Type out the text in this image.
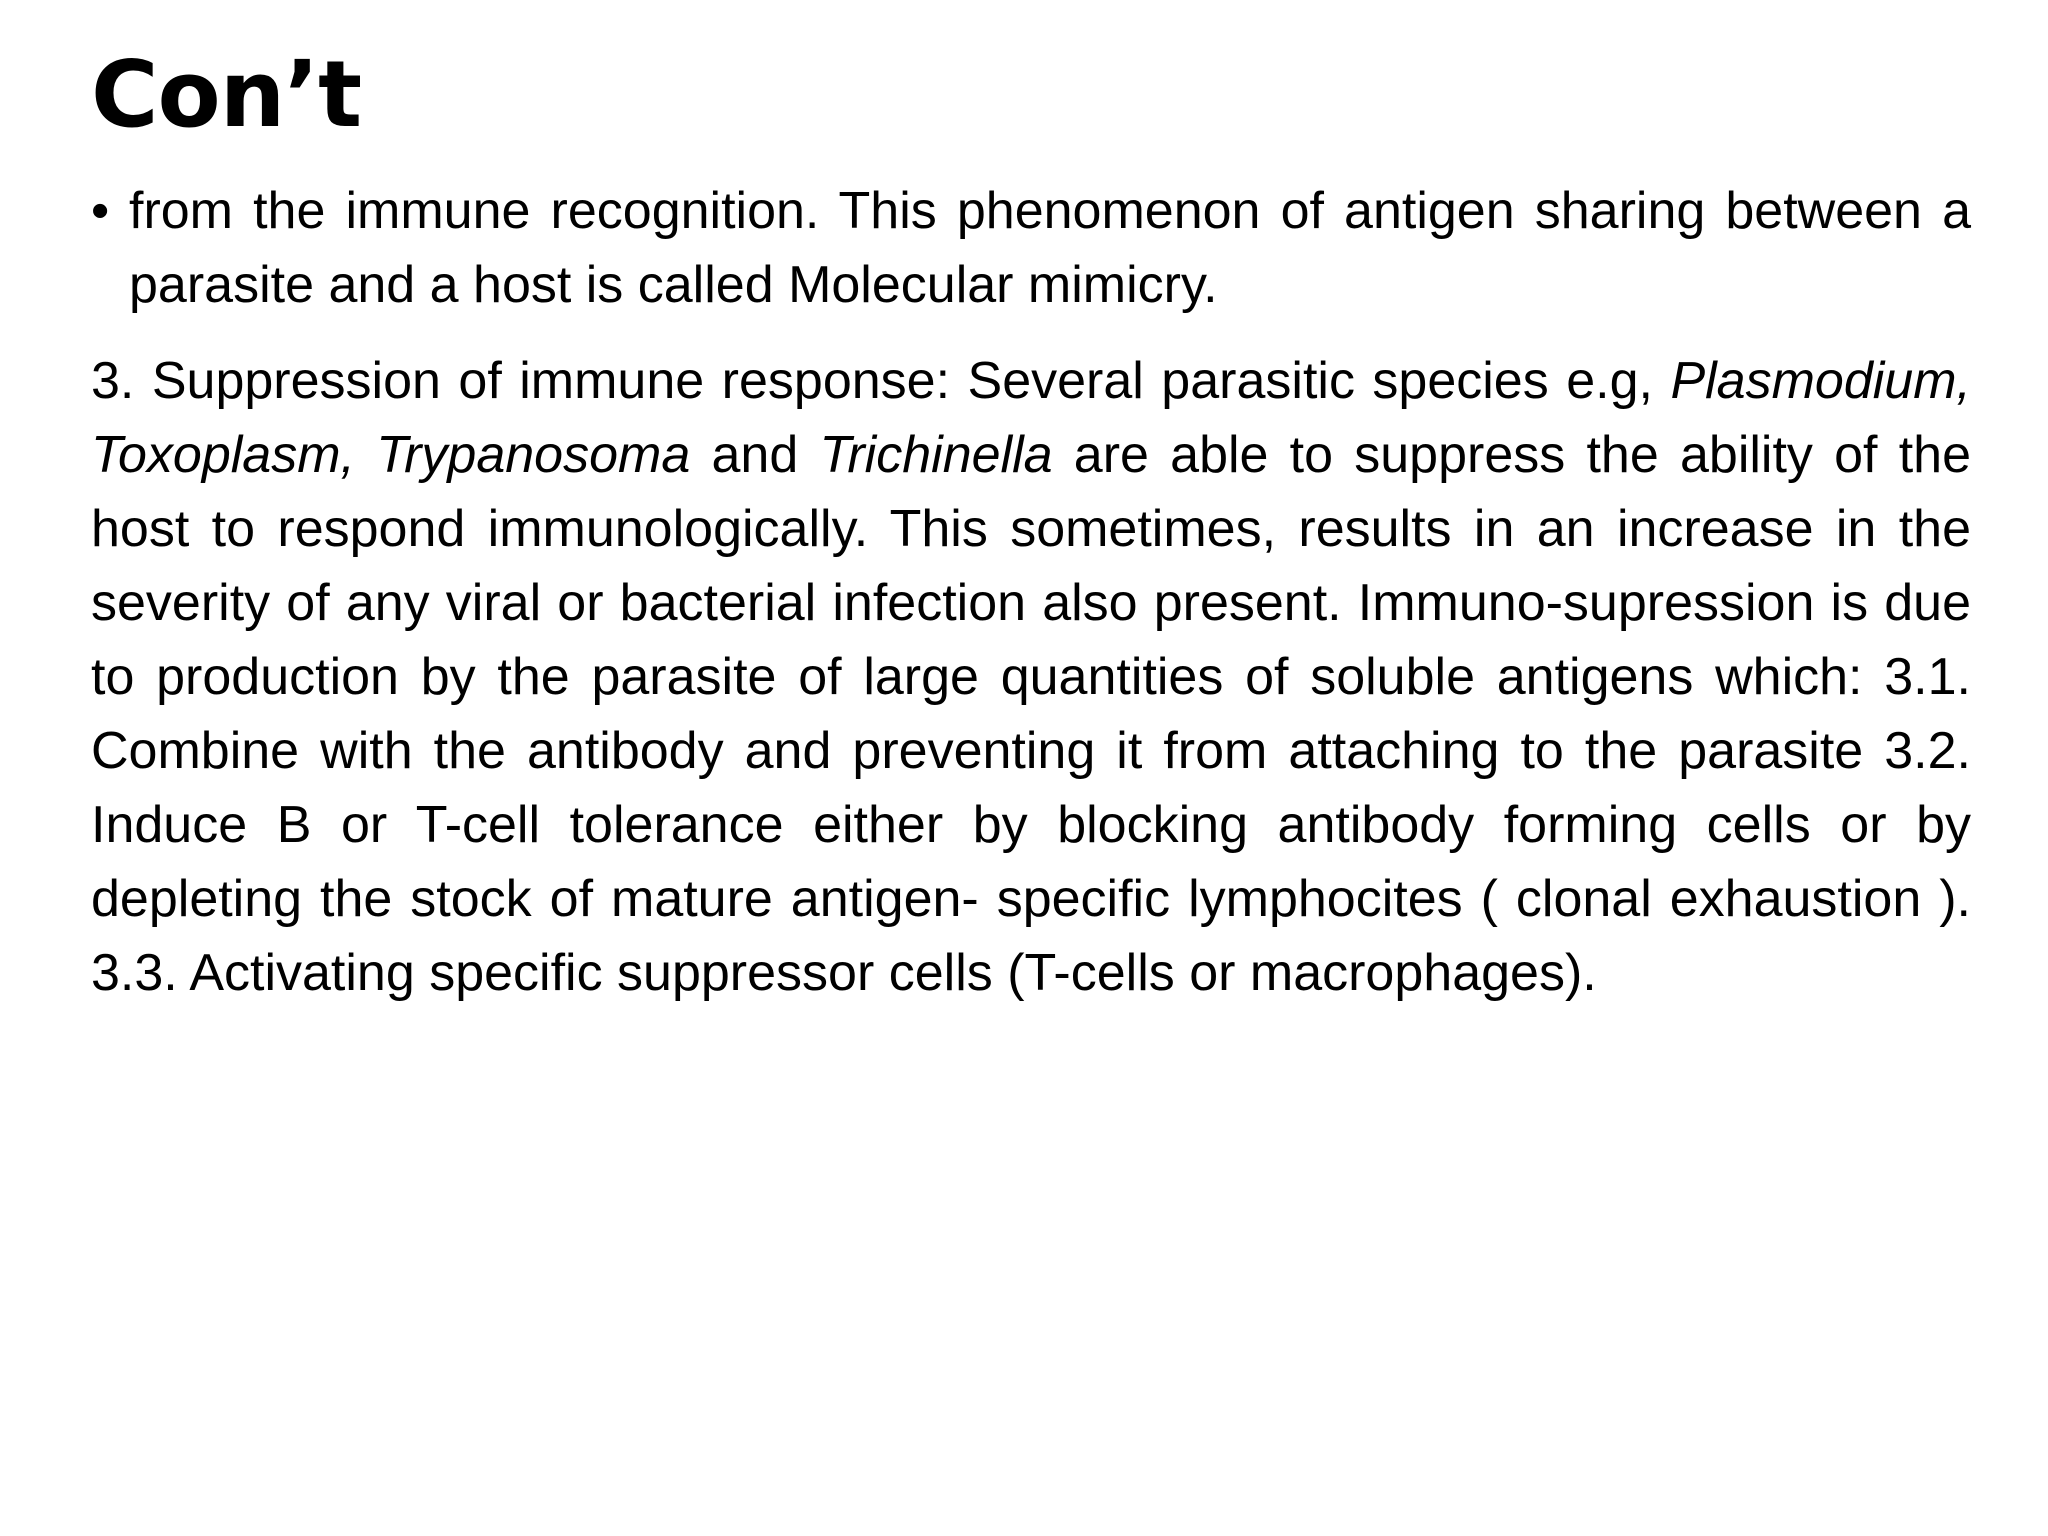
Con’t

• from the immune recognition. This phenomenon of antigen sharing between a parasite and a host is called Molecular mimicry.

3. Suppression of immune response: Several parasitic species e.g, Plasmodium, Toxoplasm, Trypanosoma and Trichinella are able to suppress the ability of the host to respond immunologically. This sometimes, results in an increase in the severity of any viral or bacterial infection also present. Immuno-supression is due to production by the parasite of large quantities of soluble antigens which: 3.1. Combine with the antibody and preventing it from attaching to the parasite 3.2. Induce B or T-cell tolerance either by blocking antibody forming cells or by depleting the stock of mature antigen- specific lymphocites ( clonal exhaustion ). 3.3. Activating specific suppressor cells (T-cells or macrophages).
